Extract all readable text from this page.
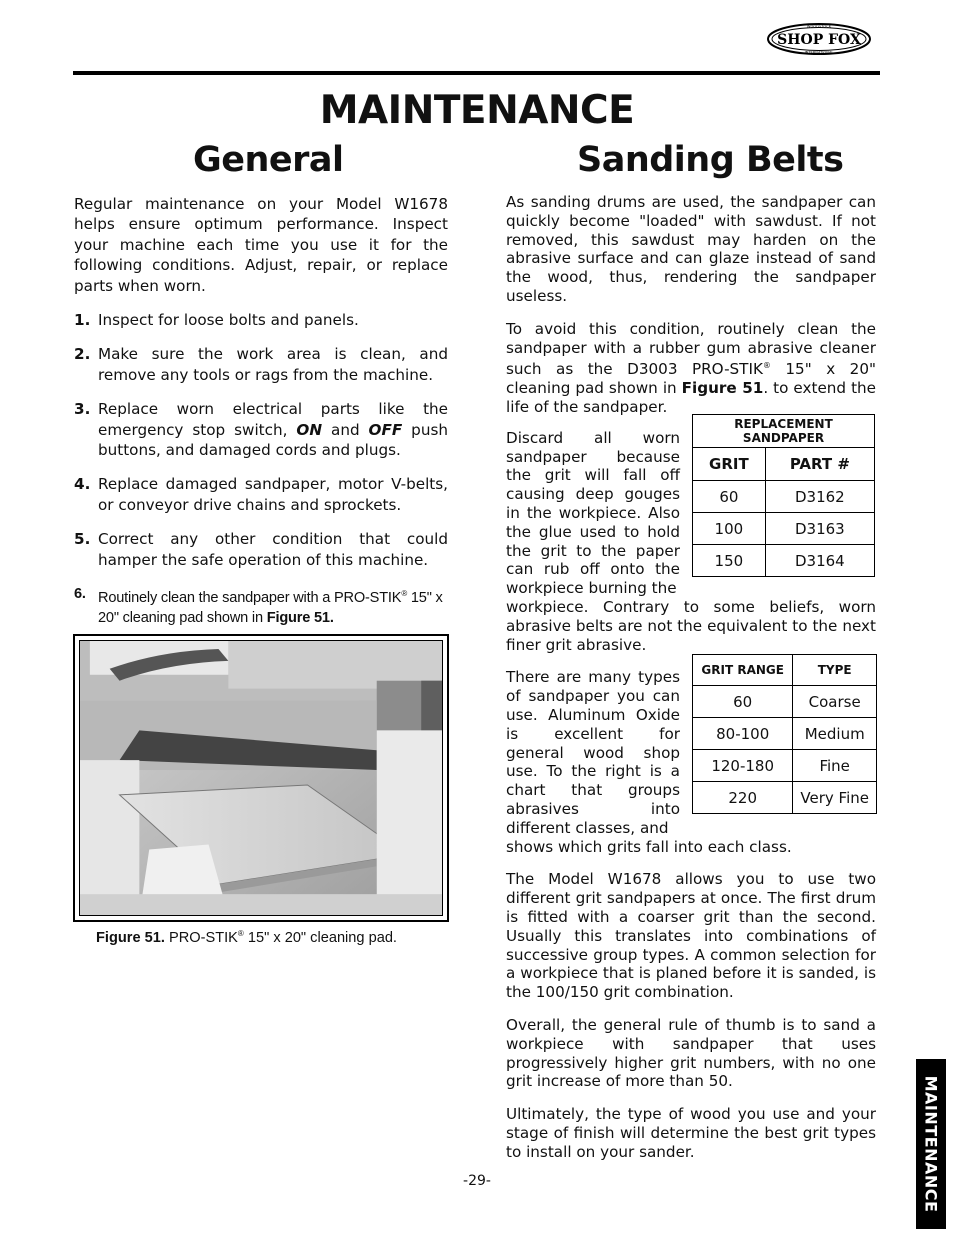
SHOP FOX
WOODSTOCK
INTERNATIONAL
MAINTENANCE
General	Sanding Belts

Regular maintenance on your Model W1678 helps ensure optimum performance. Inspect your machine each time you use it for the following conditions. Adjust, repair, or replace parts when worn.

1. Inspect for loose bolts and panels.
2. Make sure the work area is clean, and remove any tools or rags from the machine.
3. Replace worn electrical parts like the emergency stop switch, ON and OFF push buttons, and damaged cords and plugs.
4. Replace damaged sandpaper, motor V-belts, or conveyor drive chains and sprockets.
5. Correct any other condition that could hamper the safe operation of this machine.
6. Routinely clean the sandpaper with a PRO-STIK® 15" x 20" cleaning pad shown in Figure 51.
Figure 51. PRO-STIK® 15" x 20" cleaning pad.

As sanding drums are used, the sandpaper can quickly become "loaded" with sawdust. If not removed, this sawdust may harden on the abrasive surface and can glaze instead of sand the wood, thus, rendering the sandpaper useless.

To avoid this condition, routinely clean the sandpaper with a rubber gum abrasive cleaner such as the D3003 PRO-STIK® 15" x 20" cleaning pad shown in Figure 51. to extend the life of the sandpaper.

Discard all worn sandpaper because the grit will fall off causing deep gouges in the workpiece. Also the glue used to hold the grit to the paper can rub off onto the workpiece burning the

workpiece. Contrary to some beliefs, worn abrasive belts are not the equivalent to the next finer grit abrasive.

There are many types of sandpaper you can use. Aluminum Oxide is excellent for general wood shop use. To the right is a chart that groups abrasives into different classes, and

shows which grits fall into each class.

The Model W1678 allows you to use two different grit sandpapers at once. The first drum is fitted with a coarser grit than the second. Usually this translates into combinations of successive group types. A common selection for a workpiece that is planed before it is sanded, is the 100/150 grit combination.

Overall, the general rule of thumb is to sand a workpiece with sandpaper that uses progressively higher grit numbers, with no one grit increase of more than 50.

Ultimately, the type of wood you use and your stage of finish will determine the best grit types to install on your sander.

REPLACEMENT SANDPAPER	
GRIT	PART #
60	D3162
100	D3163
150	D3164
GRIT RANGE	TYPE
60	Coarse
80-100	Medium
120-180	Fine
220	Very Fine
MAINTENANCE
-29-
